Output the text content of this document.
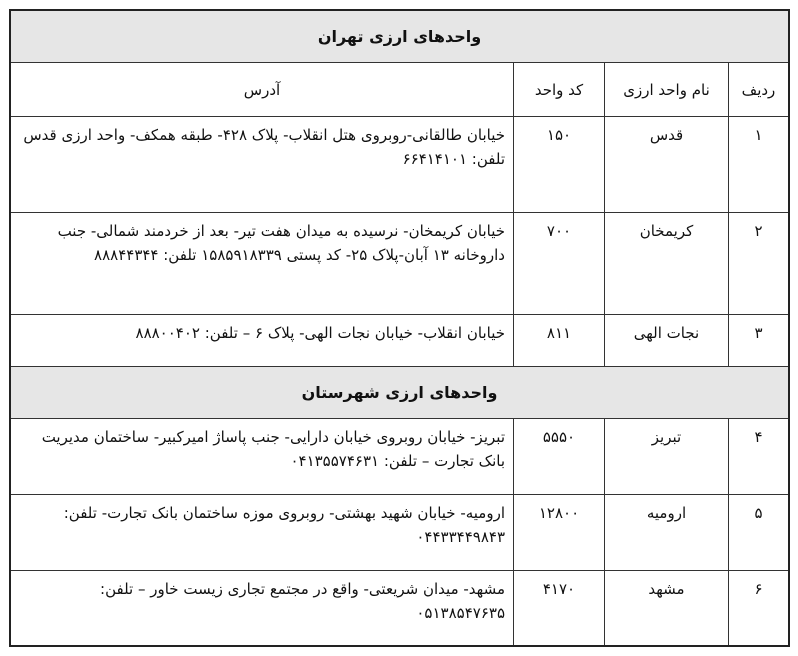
واحدهای ارزی تهران
ردیف
نام واحد ارزی
کد واحد
آدرس
۱
قدس
۱۵۰
خیابان طالقانی-روبروی هتل انقلاب- پلاک ۴۲۸- طبقه همکف- واحد ارزی قدس
تلفن: ۶۶۴۱۴۱۰۱
۲
کریمخان
۷۰۰
خیابان کریمخان- نرسیده به میدان هفت تیر- بعد از خردمند شمالی- جنب داروخانه ۱۳ آبان-پلاک ۲۵- کد پستی ۱۵۸۵۹۱۸۳۳۹ تلفن: ۸۸۸۴۴۳۴۴
۳
نجات الهی
۸۱۱
خیابان انقلاب- خیابان نجات الهی- پلاک ۶ – تلفن: ۸۸۸۰۰۴۰۲
واحدهای ارزی شهرستان
۴
تبریز
۵۵۵۰
تبریز- خیابان روبروی خیابان دارایی- جنب پاساژ امیرکبیر- ساختمان مدیریت بانک تجارت – تلفن: ۰۴۱۳۵۵۷۴۶۳۱
۵
ارومیه
۱۲۸۰۰
ارومیه- خیابان شهید بهشتی- روبروی موزه ساختمان بانک تجارت- تلفن: ۰۴۴۳۳۴۴۹۸۴۳
۶
مشهد
۴۱۷۰
مشهد- میدان شریعتی- واقع در مجتمع تجاری زیست خاور – تلفن: ۰۵۱۳۸۵۴۷۶۳۵
